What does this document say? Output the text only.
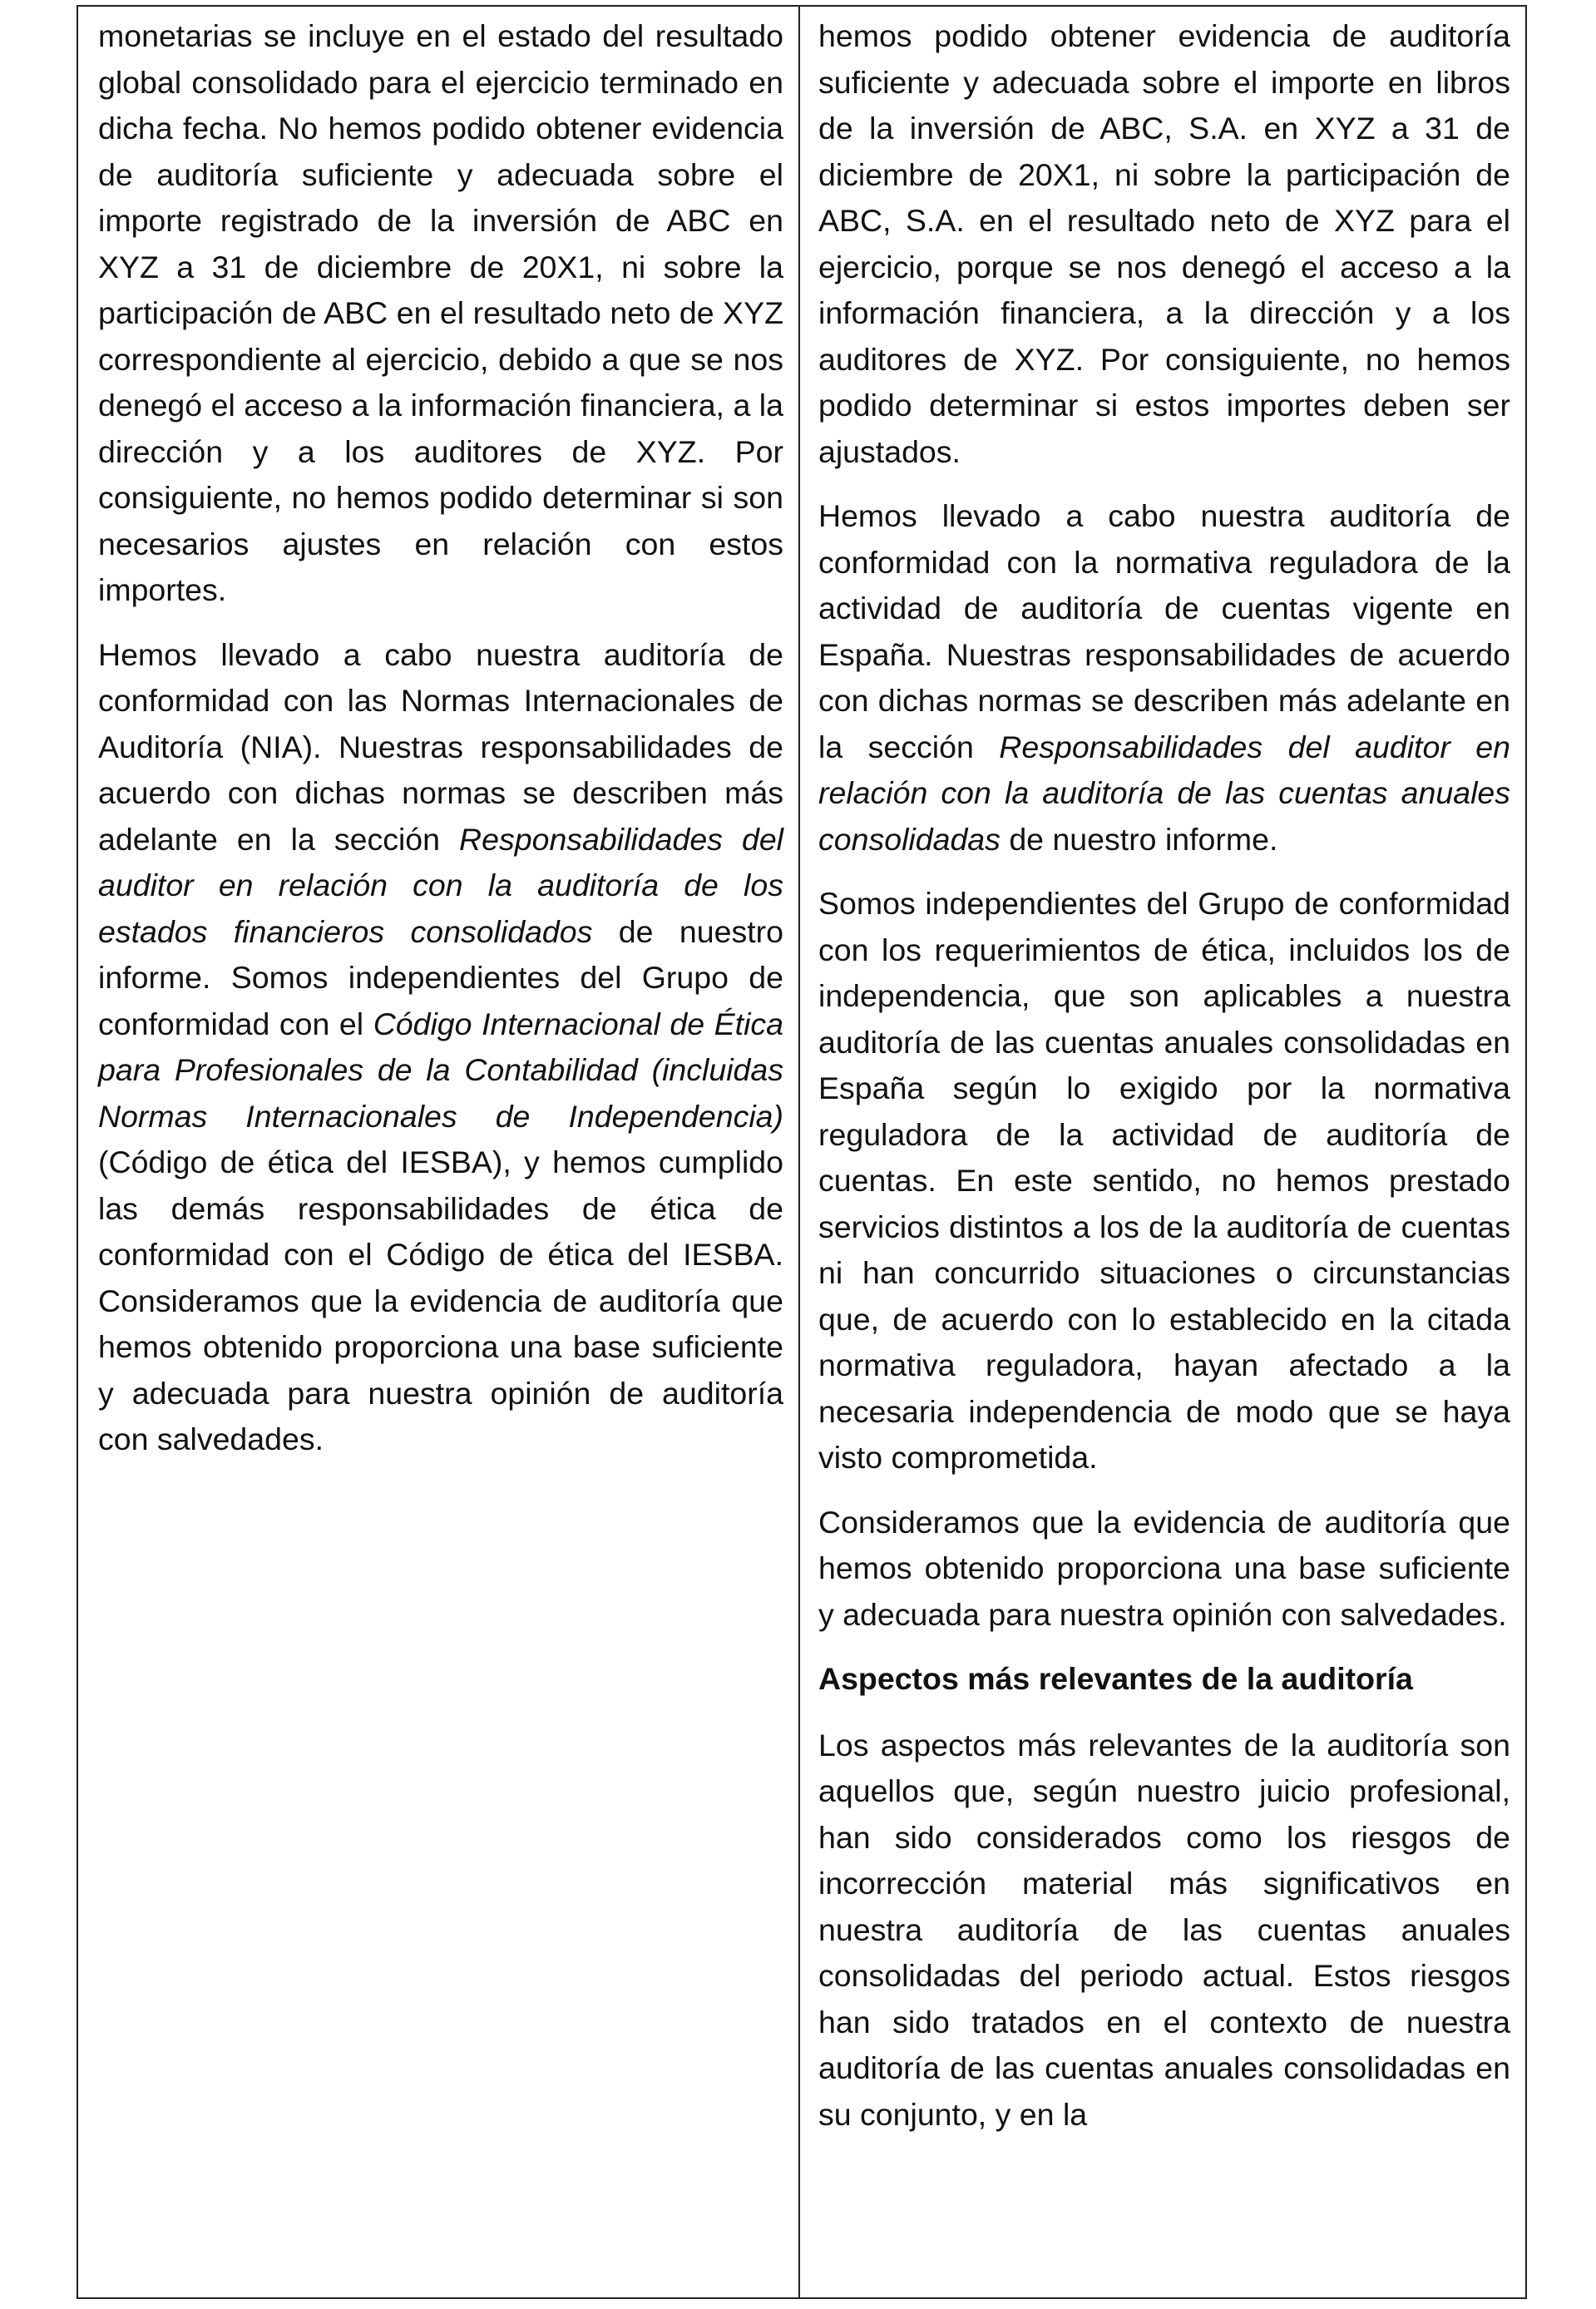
monetarias se incluye en el estado del resultado global consolidado para el ejercicio terminado en dicha fecha. No hemos podido obtener evidencia de auditoría suficiente y adecuada sobre el importe registrado de la inversión de ABC en XYZ a 31 de diciembre de 20X1, ni sobre la participación de ABC en el resultado neto de XYZ correspondiente al ejercicio, debido a que se nos denegó el acceso a la información financiera, a la dirección y a los auditores de XYZ. Por consiguiente, no hemos podido determinar si son necesarios ajustes en relación con estos importes.

Hemos llevado a cabo nuestra auditoría de conformidad con las Normas Internacionales de Auditoría (NIA). Nuestras responsabilidades de acuerdo con dichas normas se describen más adelante en la sección Responsabilidades del auditor en relación con la auditoría de los estados financieros consolidados de nuestro informe. Somos independientes del Grupo de conformidad con el Código Internacional de Ética para Profesionales de la Contabilidad (incluidas Normas Internacionales de Independencia) (Código de ética del IESBA), y hemos cumplido las demás responsabilidades de ética de conformidad con el Código de ética del IESBA. Consideramos que la evidencia de auditoría que hemos obtenido proporciona una base suficiente y adecuada para nuestra opinión de auditoría con salvedades.

hemos podido obtener evidencia de auditoría suficiente y adecuada sobre el importe en libros de la inversión de ABC, S.A. en XYZ a 31 de diciembre de 20X1, ni sobre la participación de ABC, S.A. en el resultado neto de XYZ para el ejercicio, porque se nos denegó el acceso a la información financiera, a la dirección y a los auditores de XYZ. Por consiguiente, no hemos podido determinar si estos importes deben ser ajustados.

Hemos llevado a cabo nuestra auditoría de conformidad con la normativa reguladora de la actividad de auditoría de cuentas vigente en España. Nuestras responsabilidades de acuerdo con dichas normas se describen más adelante en la sección Responsabilidades del auditor en relación con la auditoría de las cuentas anuales consolidadas de nuestro informe.

Somos independientes del Grupo de conformidad con los requerimientos de ética, incluidos los de independencia, que son aplicables a nuestra auditoría de las cuentas anuales consolidadas en España según lo exigido por la normativa reguladora de la actividad de auditoría de cuentas. En este sentido, no hemos prestado servicios distintos a los de la auditoría de cuentas ni han concurrido situaciones o circunstancias que, de acuerdo con lo establecido en la citada normativa reguladora, hayan afectado a la necesaria independencia de modo que se haya visto comprometida.

Consideramos que la evidencia de auditoría que hemos obtenido proporciona una base suficiente y adecuada para nuestra opinión con salvedades.

Aspectos más relevantes de la auditoría

Los aspectos más relevantes de la auditoría son aquellos que, según nuestro juicio profesional, han sido considerados como los riesgos de incorrección material más significativos en nuestra auditoría de las cuentas anuales consolidadas del periodo actual. Estos riesgos han sido tratados en el contexto de nuestra auditoría de las cuentas anuales consolidadas en su conjunto, y en la
